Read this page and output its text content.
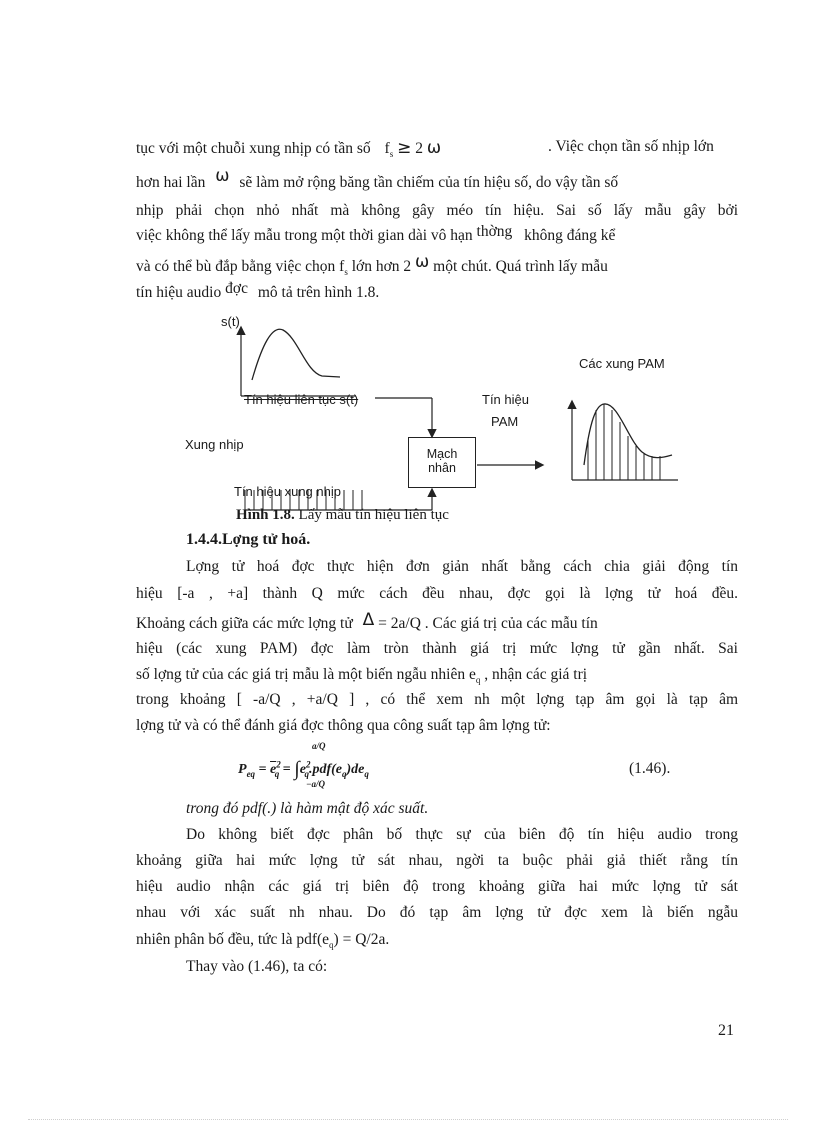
tục với một chuỗi xung nhịp có tần số $f_s \ge 2$ ω	. Việc chọn tần số nhịp lớn
hơn hai lần ω sẽ làm mở rộng băng tần chiếm của tín hiệu số, do vậy tần số
nhịp phải chọn nhỏ nhất mà không gây méo tín hiệu. Sai số lấy mẫu gây bởi
việc không thể lấy mẫu trong một thời gian dài vô hạn thờng không đáng kể
và có thể bù đắp bằng việc chọn $f_s$ lớn hơn 2 ω một chút. Quá trình lấy mẫu
tín hiệu audio đợc mô tả trên hình 1.8.
s(t)
Các xung PAM
Tín hiệu liên tục s(t)	Tín hiệu
PAM
Xung nhịp
Mạch
nhân
Tín hiệu xung nhịp
Hình 1.8. Lấy mẫu tín hiệu liên tục
1.4.4.Lợng tử hoá.
Lợng tử hoá đợc thực hiện đơn giản nhất bằng cách chia giải động tín
hiệu [-a , +a] thành Q mức cách đều nhau, đợc gọi là lợng tử hoá đều.
Khoảng cách giữa các mức lợng tử Δ = 2a/Q . Các giá trị của các mẫu tín
hiệu (các xung PAM) đợc làm tròn thành giá trị mức lợng tử gần nhất. Sai
số lợng tử của các giá trị mẫu là một biến ngẫu nhiên $e_q$ , nhận các giá trị
trong khoảng [ -a/Q , +a/Q ] , có thể xem nh một lợng tạp âm gọi là tạp âm
lợng tử và có thể đánh giá đợc thông qua công suất tạp âm lợng tử:
$P_{eq} = \overline{e}^2_q = \int e^2_q.pdf(e_q)de_q$
a/Q
−a/Q
(1.46).
trong đó pdf(.) là hàm mật độ xác suất.
Do không biết đợc phân bố thực sự của biên độ tín hiệu audio trong
khoảng giữa hai mức lợng tử sát nhau, ngời ta buộc phải giả thiết rằng tín
hiệu audio nhận các giá trị biên độ trong khoảng giữa hai mức lợng tử sát
nhau với xác suất nh nhau. Do đó tạp âm lợng tử đợc xem là biến ngẫu
nhiên phân bố đều, tức là $pdf(e_q) = Q/2a$.
Thay vào (1.46), ta có:
21
